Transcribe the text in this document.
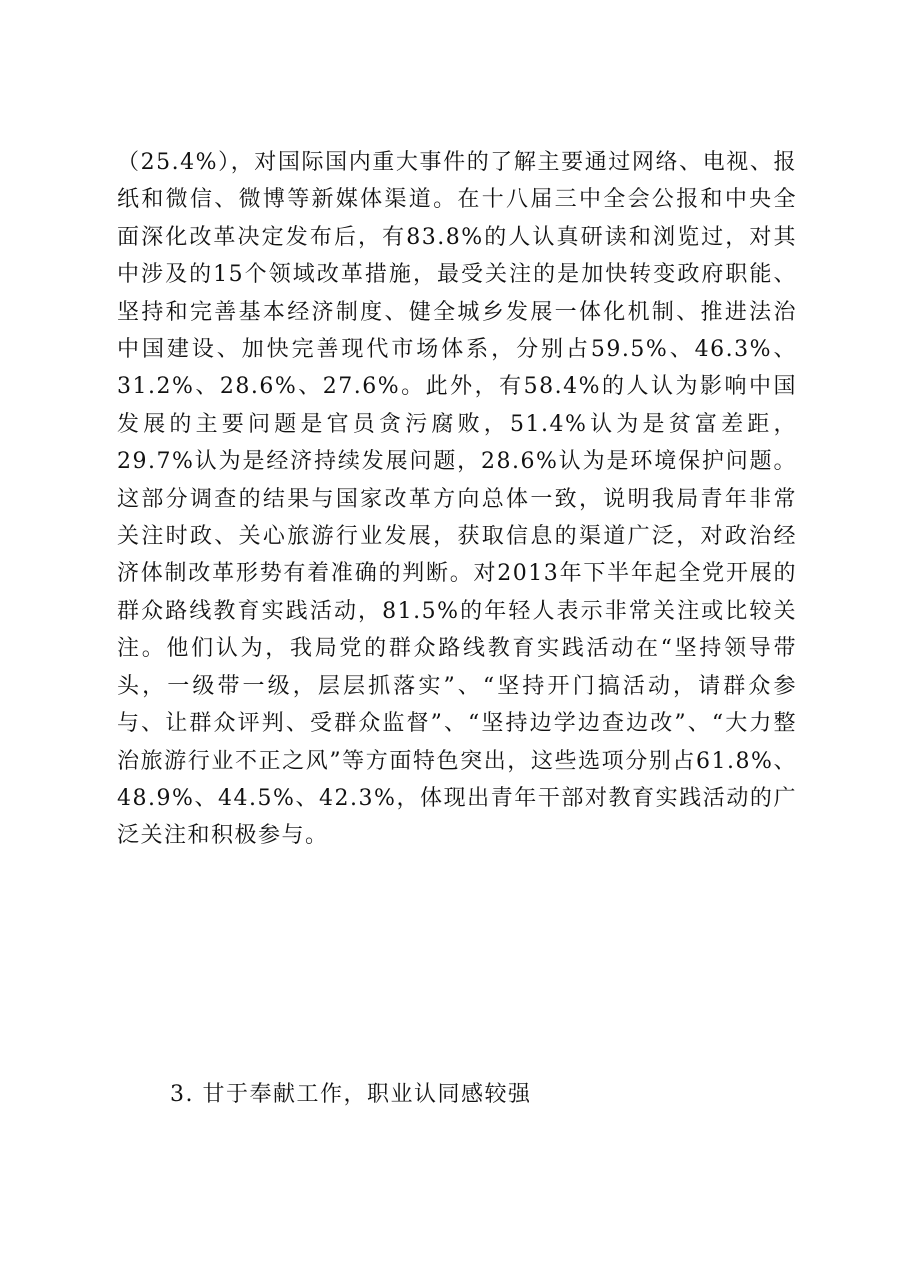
（25.4%），对国际国内重大事件的了解主要通过网络、电视、报纸和微信、微博等新媒体渠道。在十八届三中全会公报和中央全面深化改革决定发布后，有83.8%的人认真研读和浏览过，对其中涉及的15个领域改革措施，最受关注的是加快转变政府职能、坚持和完善基本经济制度、健全城乡发展一体化机制、推进法治中国建设、加快完善现代市场体系，分别占59.5%、46.3%、31.2%、28.6%、27.6%。此外，有58.4%的人认为影响中国发展的主要问题是官员贪污腐败，51.4%认为是贫富差距，29.7%认为是经济持续发展问题，28.6%认为是环境保护问题。这部分调查的结果与国家改革方向总体一致，说明我局青年非常关注时政、关心旅游行业发展，获取信息的渠道广泛，对政治经济体制改革形势有着准确的判断。对2013年下半年起全党开展的群众路线教育实践活动，81.5%的年轻人表示非常关注或比较关注。他们认为，我局党的群众路线教育实践活动在“坚持领导带头，一级带一级，层层抓落实”、“坚持开门搞活动，请群众参与、让群众评判、受群众监督”、“坚持边学边查边改”、“大力整治旅游行业不正之风”等方面特色突出，这些选项分别占61.8%、48.9%、44.5%、42.3%，体现出青年干部对教育实践活动的广泛关注和积极参与。

3. 甘于奉献工作，职业认同感较强
